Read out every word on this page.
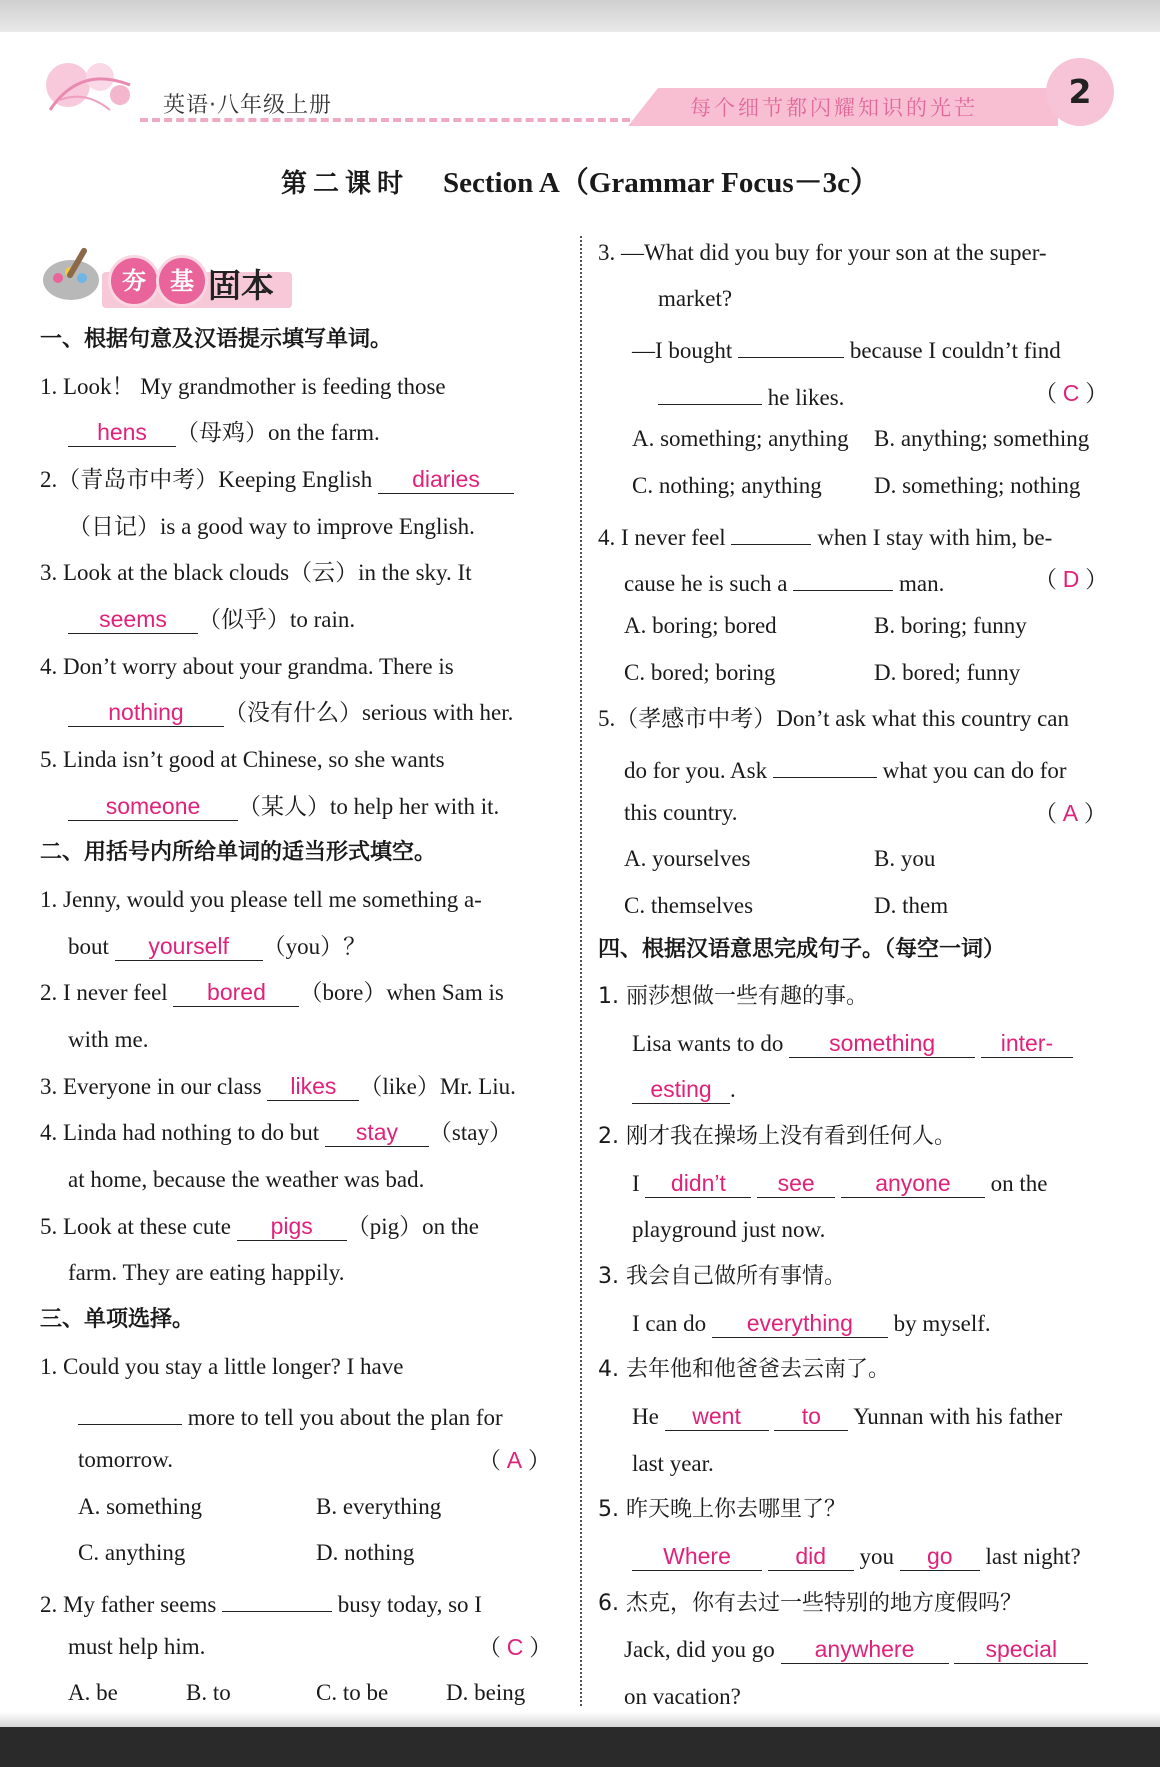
英语·八年级上册	每个细节都闪耀知识的光芒	2
第二课时 Section A（Grammar Focus－3c）
夯	基 固本
一、根据句意及汉语提示填写单词。
1. Look！ My grandmother is feeding those
hens （母鸡）on the farm.
2.（青岛市中考）Keeping English diaries
（日记）is a good way to improve English.
3. Look at the black clouds（云）in the sky. It
seems （似乎）to rain.
4. Don’t worry about your grandma. There is
nothing （没有什么）serious with her.
5. Linda isn’t good at Chinese, so she wants
someone （某人）to help her with it.
二、用括号内所给单词的适当形式填空。
1. Jenny, would you please tell me something a-
bout yourself （you）？
2. I never feel bored （bore）when Sam is
with me.
3. Everyone in our class likes （like）Mr. Liu.
4. Linda had nothing to do but stay （stay）
at home, because the weather was bad.
5. Look at these cute pigs （pig）on the
farm. They are eating happily.
三、单项选择。
1. Could you stay a little longer? I have
more to tell you about the plan for
tomorrow.	（ A ）
A. something	B. everything
C. anything	D. nothing
2. My father seems	busy today, so I
must help him.	（ C ）
A. be	B. to	C. to be	D. being
3. —What did you buy for your son at the super-
market?
—I bought	because I couldn’t find
he likes.	（ C ）
A. something; anything B. anything; something
C. nothing; anything D. something; nothing
4. I never feel	when I stay with him, be-
cause he is such a	man.	（ D ）
A. boring; bored	B. boring; funny
C. bored; boring	D. bored; funny
5.（孝感市中考）Don’t ask what this country can
do for you. Ask	what you can do for
this country.	（ A ）
A. yourselves	B. you
C. themselves	D. them
四、根据汉语意思完成句子。（每空一词）
1. 丽莎想做一些有趣的事。
Lisa wants to do something	inter-
esting .
2. 刚才我在操场上没有看到任何人。
I didn’t see	anyone on the
playground just now.
3. 我会自己做所有事情。
I can do everything by myself.
4. 去年他和他爸爸去云南了。
He went	to Yunnan with his father
last year.
5. 昨天晚上你去哪里了？
Where	did you go last night?
6. 杰克，你有去过一些特别的地方度假吗？
Jack, did you go anywhere	special
on vacation?
